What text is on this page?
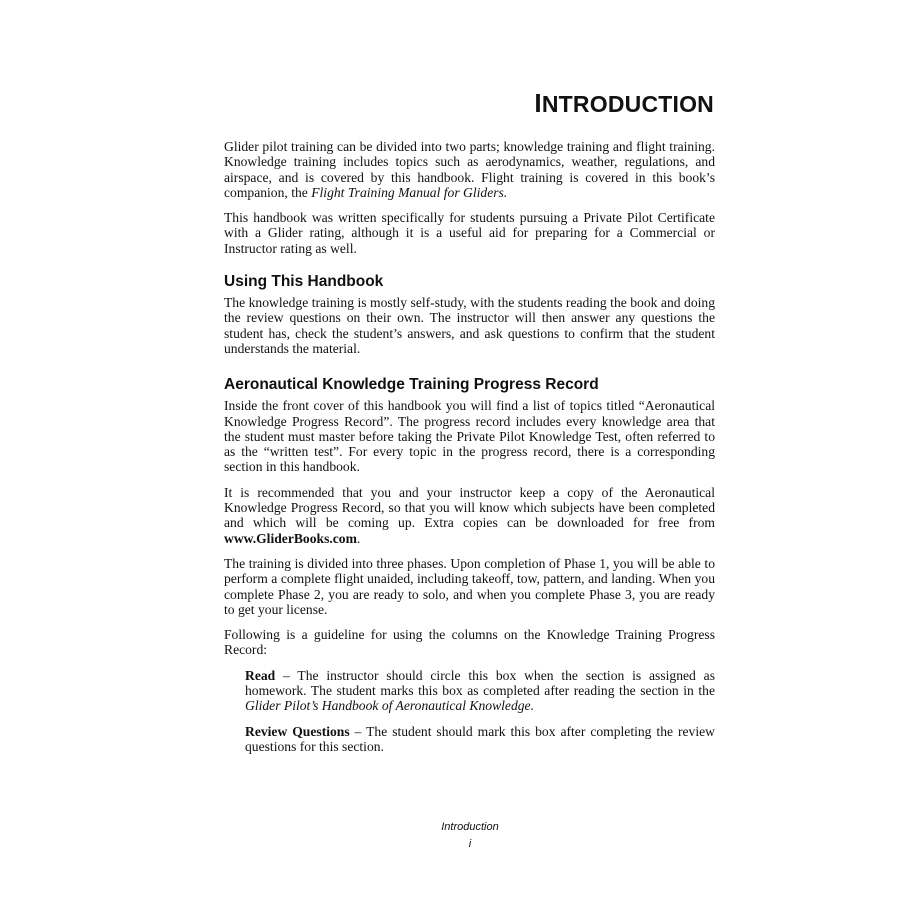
INTRODUCTION

Glider pilot training can be divided into two parts; knowledge training and flight training. Knowledge training includes topics such as aerodynamics, weather, regulations, and airspace, and is covered by this handbook. Flight training is covered in this book’s companion, the Flight Training Manual for Gliders.

This handbook was written specifically for students pursuing a Private Pilot Certificate with a Glider rating, although it is a useful aid for preparing for a Commercial or Instructor rating as well.

Using This Handbook

The knowledge training is mostly self-study, with the students reading the book and doing the review questions on their own. The instructor will then answer any questions the student has, check the student’s answers, and ask questions to confirm that the student understands the material.

Aeronautical Knowledge Training Progress Record

Inside the front cover of this handbook you will find a list of topics titled “Aeronautical Knowledge Progress Record”. The progress record includes every knowledge area that the student must master before taking the Private Pilot Knowledge Test, often referred to as the “written test”. For every topic in the progress record, there is a corresponding section in this handbook.

It is recommended that you and your instructor keep a copy of the Aeronautical Knowledge Progress Record, so that you will know which subjects have been completed and which will be coming up. Extra copies can be downloaded for free from www.GliderBooks.com.

The training is divided into three phases. Upon completion of Phase 1, you will be able to perform a complete flight unaided, including takeoff, tow, pattern, and landing. When you complete Phase 2, you are ready to solo, and when you complete Phase 3, you are ready to get your license.

Following is a guideline for using the columns on the Knowledge Training Progress Record:

Read – The instructor should circle this box when the section is assigned as homework. The student marks this box as completed after reading the section in the Glider Pilot’s Handbook of Aeronautical Knowledge.

Review Questions – The student should mark this box after completing the review questions for this section.

Introduction
i
